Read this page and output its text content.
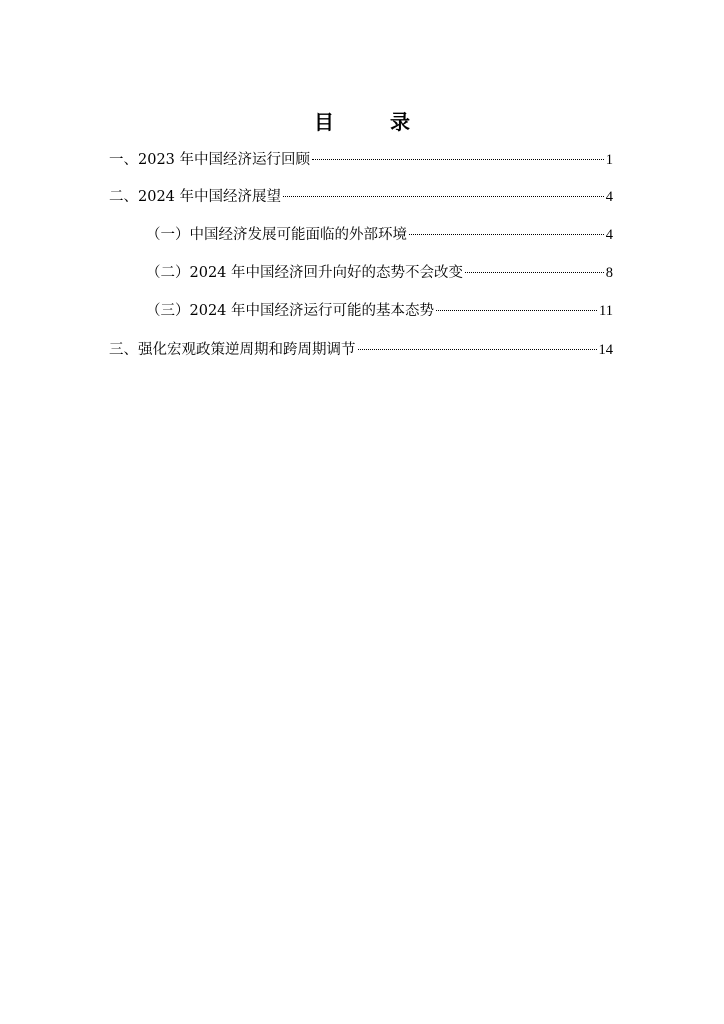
目　录
一、2023 年中国经济运行回顾	1
二、2024 年中国经济展望	4
（一）中国经济发展可能面临的外部环境	4
（二）2024 年中国经济回升向好的态势不会改变	8
（三）2024 年中国经济运行可能的基本态势	11
三、强化宏观政策逆周期和跨周期调节	14
